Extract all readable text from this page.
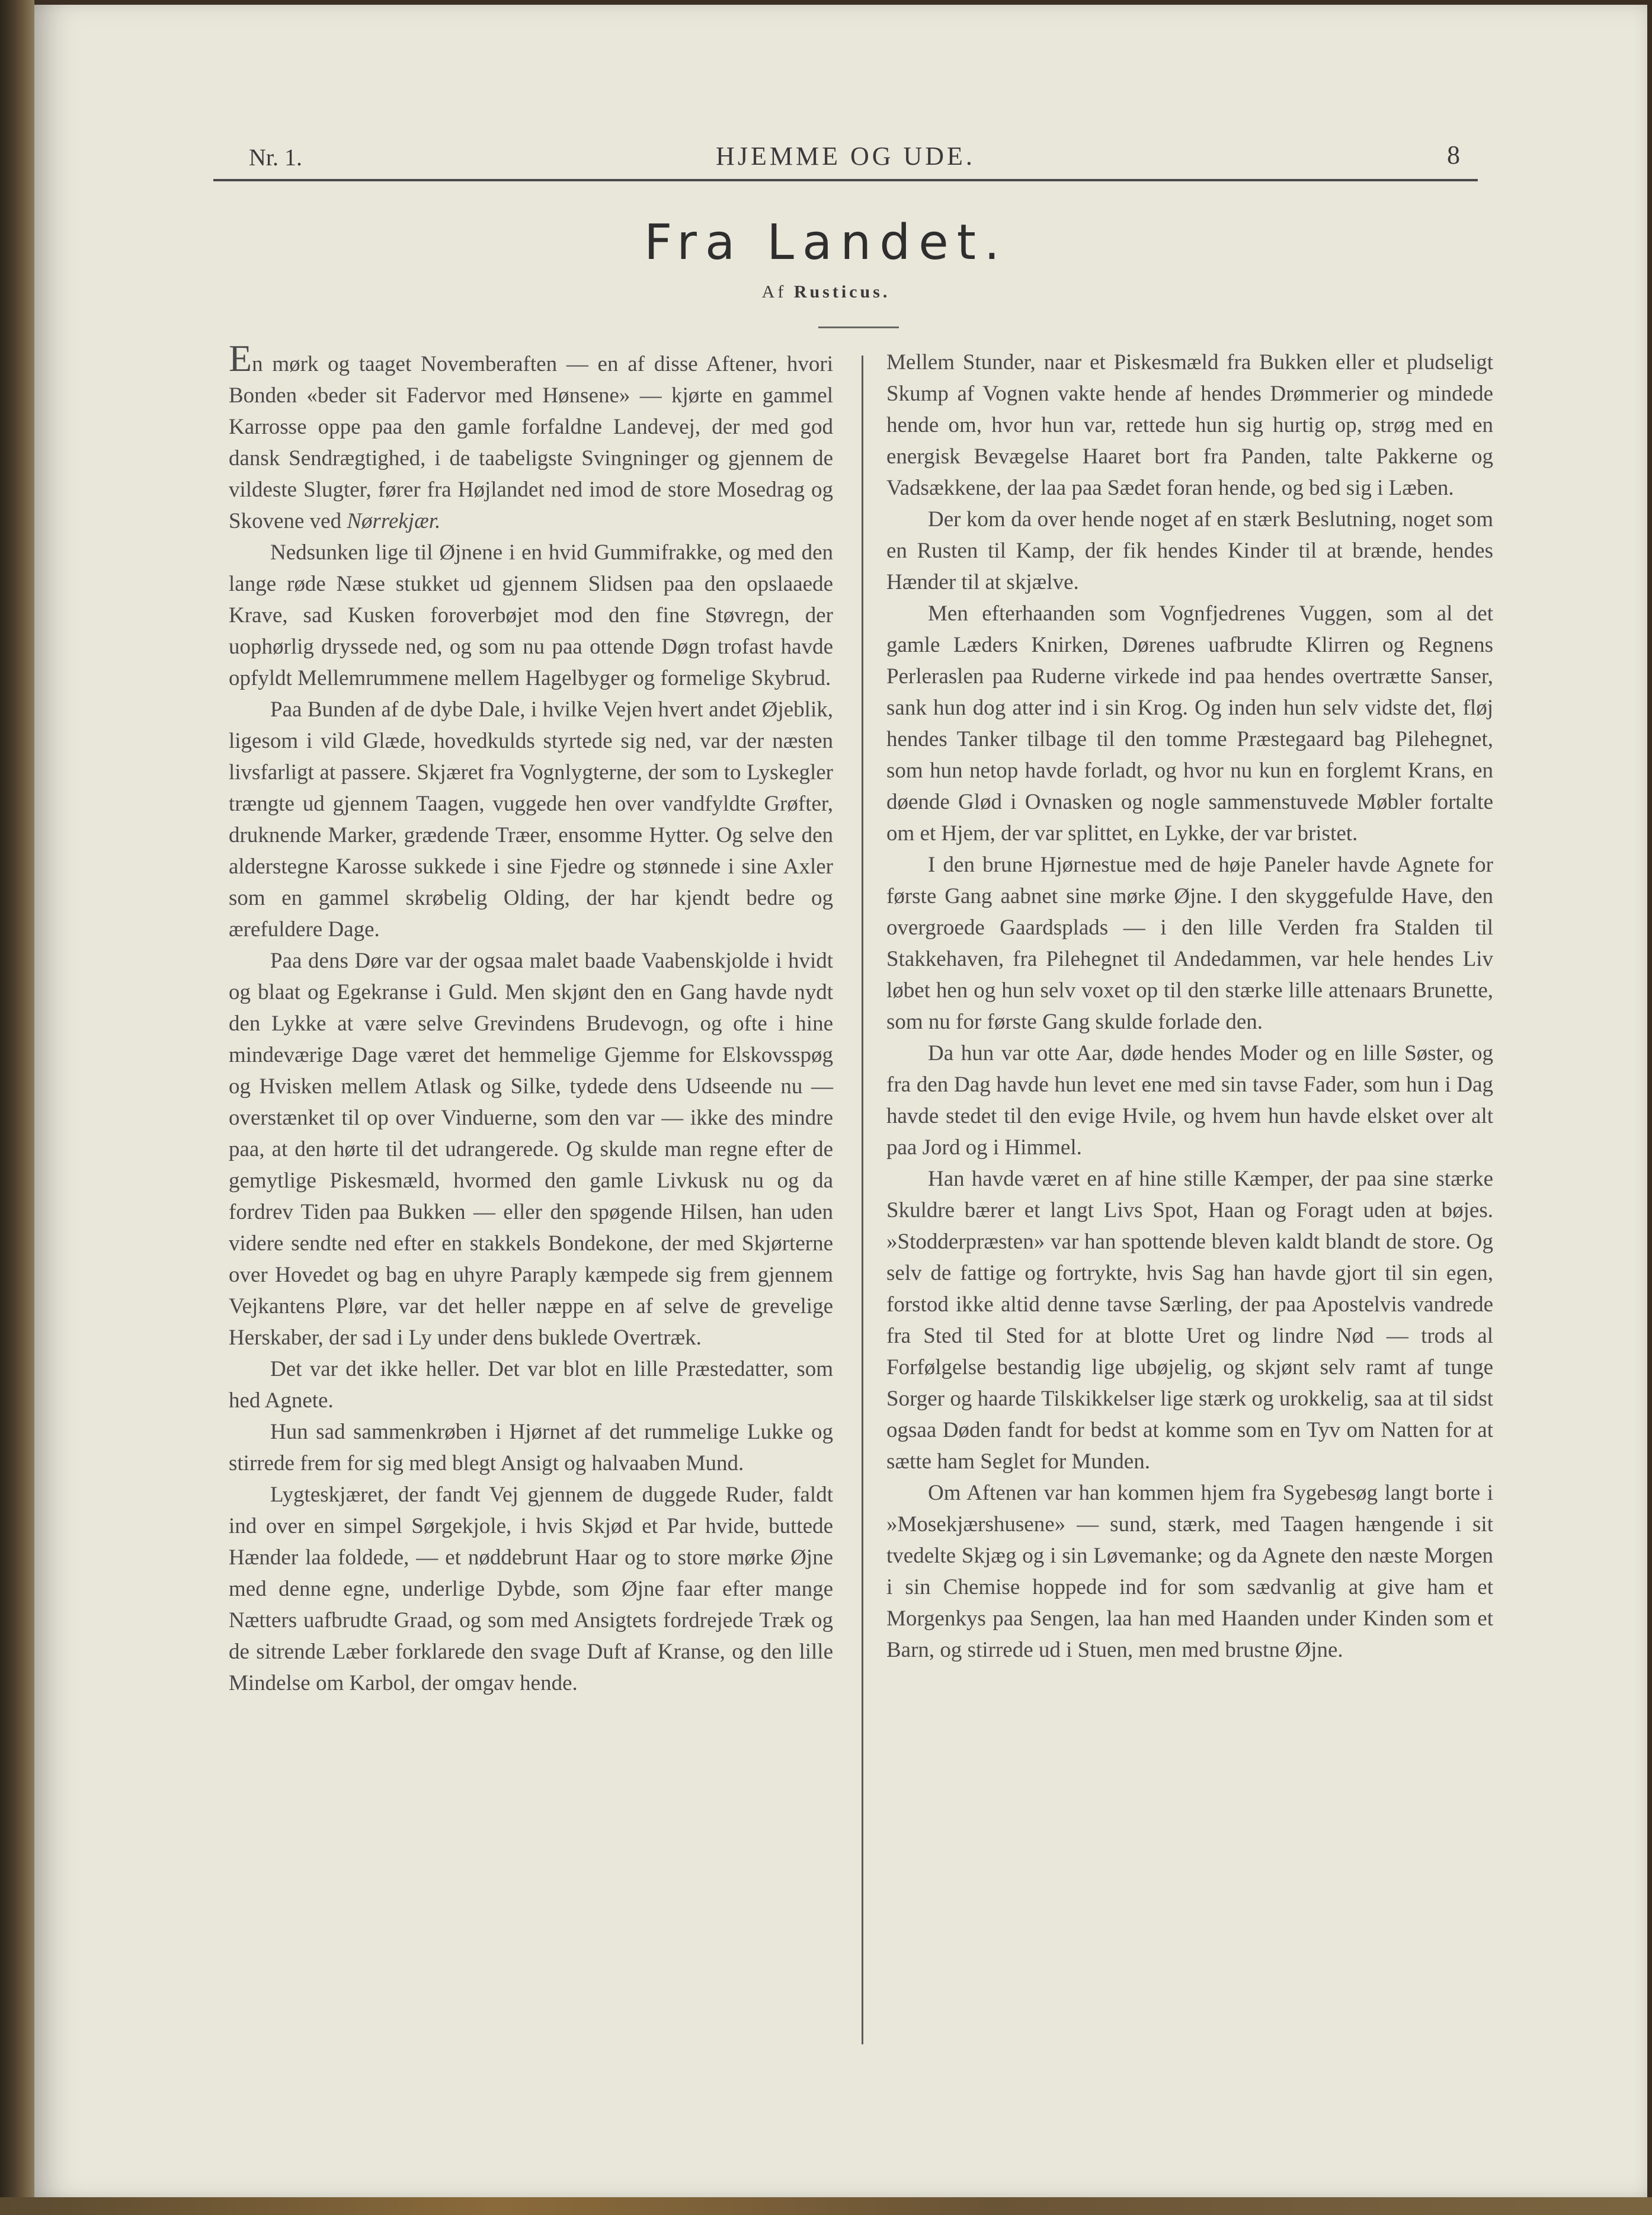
Nr. 1.	HJEMME OG UDE.	8
Fra Landet.
Af Rusticus.

En mørk og taaget Novemberaften — en af disse Aftener, hvori Bonden «beder sit Fadervor med Hønsene» — kjørte en gammel Karrosse oppe paa den gamle forfaldne Landevej, der med god dansk Sendrægtighed, i de taabeligste Svingninger og gjennem de vildeste Slugter, fører fra Højlandet ned imod de store Mosedrag og Skovene ved Nørrekjær.

Nedsunken lige til Øjnene i en hvid Gummifrakke, og med den lange røde Næse stukket ud gjennem Slidsen paa den opslaaede Krave, sad Kusken foroverbøjet mod den fine Støvregn, der uophørlig dryssede ned, og som nu paa ottende Døgn trofast havde opfyldt Mellemrummene mellem Hagelbyger og formelige Skybrud.

Paa Bunden af de dybe Dale, i hvilke Vejen hvert andet Øjeblik, ligesom i vild Glæde, hovedkulds styrtede sig ned, var der næsten livsfarligt at passere. Skjæret fra Vognlygterne, der som to Lyskegler trængte ud gjennem Taagen, vuggede hen over vandfyldte Grøfter, druknende Marker, grædende Træer, ensomme Hytter. Og selve den alderstegne Karosse sukkede i sine Fjedre og stønnede i sine Axler som en gammel skrøbelig Olding, der har kjendt bedre og ærefuldere Dage.

Paa dens Døre var der ogsaa malet baade Vaabenskjolde i hvidt og blaat og Egekranse i Guld. Men skjønt den en Gang havde nydt den Lykke at være selve Grevindens Brudevogn, og ofte i hine mindeværige Dage været det hemmelige Gjemme for Elskovsspøg og Hvisken mellem Atlask og Silke, tydede dens Udseende nu — overstænket til op over Vinduerne, som den var — ikke des mindre paa, at den hørte til det udrangerede. Og skulde man regne efter de gemytlige Piskesmæld, hvormed den gamle Livkusk nu og da fordrev Tiden paa Bukken — eller den spøgende Hilsen, han uden videre sendte ned efter en stakkels Bondekone, der med Skjørterne over Hovedet og bag en uhyre Paraply kæmpede sig frem gjennem Vejkantens Pløre, var det heller næppe en af selve de grevelige Herskaber, der sad i Ly under dens buklede Overtræk.

Det var det ikke heller. Det var blot en lille Præstedatter, som hed Agnete.

Hun sad sammenkrøben i Hjørnet af det rummelige Lukke og stirrede frem for sig med blegt Ansigt og halvaaben Mund.

Lygteskjæret, der fandt Vej gjennem de duggede Ruder, faldt ind over en simpel Sørgekjole, i hvis Skjød et Par hvide, buttede Hænder laa foldede, — et nøddebrunt Haar og to store mørke Øjne med denne egne, underlige Dybde, som Øjne faar efter mange Nætters uafbrudte Graad, og som med Ansigtets fordrejede Træk og de sitrende Læber forklarede den svage Duft af Kranse, og den lille Mindelse om Karbol, der omgav hende.

Mellem Stunder, naar et Piskesmæld fra Bukken eller et pludseligt Skump af Vognen vakte hende af hendes Drømmerier og mindede hende om, hvor hun var, rettede hun sig hurtig op, strøg med en energisk Bevægelse Haaret bort fra Panden, talte Pakkerne og Vadsækkene, der laa paa Sædet foran hende, og bed sig i Læben.

Der kom da over hende noget af en stærk Beslutning, noget som en Rusten til Kamp, der fik hendes Kinder til at brænde, hendes Hænder til at skjælve.

Men efterhaanden som Vognfjedrenes Vuggen, som al det gamle Læders Knirken, Dørenes uafbrudte Klirren og Regnens Perleraslen paa Ruderne virkede ind paa hendes overtrætte Sanser, sank hun dog atter ind i sin Krog. Og inden hun selv vidste det, fløj hendes Tanker tilbage til den tomme Præstegaard bag Pilehegnet, som hun netop havde forladt, og hvor nu kun en forglemt Krans, en døende Glød i Ovnasken og nogle sammenstuvede Møbler fortalte om et Hjem, der var splittet, en Lykke, der var bristet.

I den brune Hjørnestue med de høje Paneler havde Agnete for første Gang aabnet sine mørke Øjne. I den skyggefulde Have, den overgroede Gaardsplads — i den lille Verden fra Stalden til Stakkehaven, fra Pilehegnet til Andedammen, var hele hendes Liv løbet hen og hun selv voxet op til den stærke lille attenaars Brunette, som nu for første Gang skulde forlade den.

Da hun var otte Aar, døde hendes Moder og en lille Søster, og fra den Dag havde hun levet ene med sin tavse Fader, som hun i Dag havde stedet til den evige Hvile, og hvem hun havde elsket over alt paa Jord og i Himmel.

Han havde været en af hine stille Kæmper, der paa sine stærke Skuldre bærer et langt Livs Spot, Haan og Foragt uden at bøjes. »Stodderpræsten» var han spottende bleven kaldt blandt de store. Og selv de fattige og fortrykte, hvis Sag han havde gjort til sin egen, forstod ikke altid denne tavse Særling, der paa Apostelvis vandrede fra Sted til Sted for at blotte Uret og lindre Nød — trods al Forfølgelse bestandig lige ubøjelig, og skjønt selv ramt af tunge Sorger og haarde Tilskikkelser lige stærk og urokkelig, saa at til sidst ogsaa Døden fandt for bedst at komme som en Tyv om Natten for at sætte ham Seglet for Munden.

Om Aftenen var han kommen hjem fra Sygebesøg langt borte i »Mosekjærshusene» — sund, stærk, med Taagen hængende i sit tvedelte Skjæg og i sin Løvemanke; og da Agnete den næste Morgen i sin Chemise hoppede ind for som sædvanlig at give ham et Morgenkys paa Sengen, laa han med Haanden under Kinden som et Barn, og stirrede ud i Stuen, men med brustne Øjne.
